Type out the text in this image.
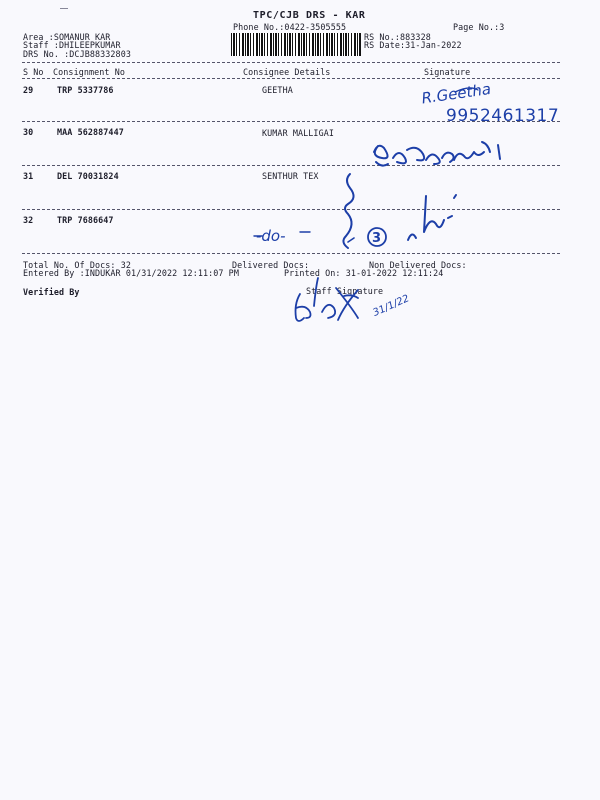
TPC/CJB DRS - KAR
Phone No.:0422-3505555	Page No.:3
Area :SOMANUR KAR
Staff :DHILEEPKUMAR
DRS No. :DCJB88332803
RS No.:883328
RS Date:31-Jan-2022
S No Consignment No	Consignee Details	Signature
29	TRP 5337786	GEETHA
30	MAA 562887447	KUMAR MALLIGAI
31	DEL 70031824	SENTHUR TEX
32	TRP 7686647
Total No. Of Docs: 32	Delivered Docs:	Non Delivered Docs:
Entered By :INDUKAR 01/31/2022 12:11:07 PM	Printed On: 31-01-2022 12:11:24
Verified By	Staff Signature
R.Geetha
9952461317
-do-	3
31/1/22
